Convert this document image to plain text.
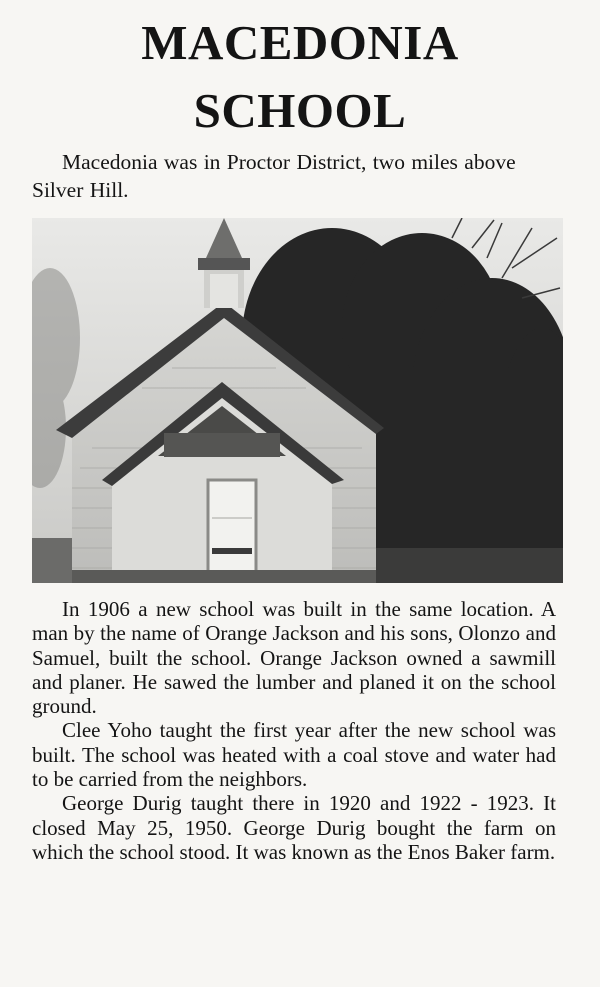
MACEDONIA
SCHOOL
Macedonia was in Proctor District, two miles above Silver Hill.

In 1906 a new school was built in the same location. A man by the name of Orange Jackson and his sons, Olonzo and Samuel, built the school. Orange Jackson owned a sawmill and planer. He sawed the lumber and planed it on the school ground.

Clee Yoho taught the first year after the new school was built. The school was heated with a coal stove and water had to be carried from the neighbors.

George Durig taught there in 1920 and 1922 - 1923. It closed May 25, 1950. George Durig bought the farm on which the school stood. It was known as the Enos Baker farm.
